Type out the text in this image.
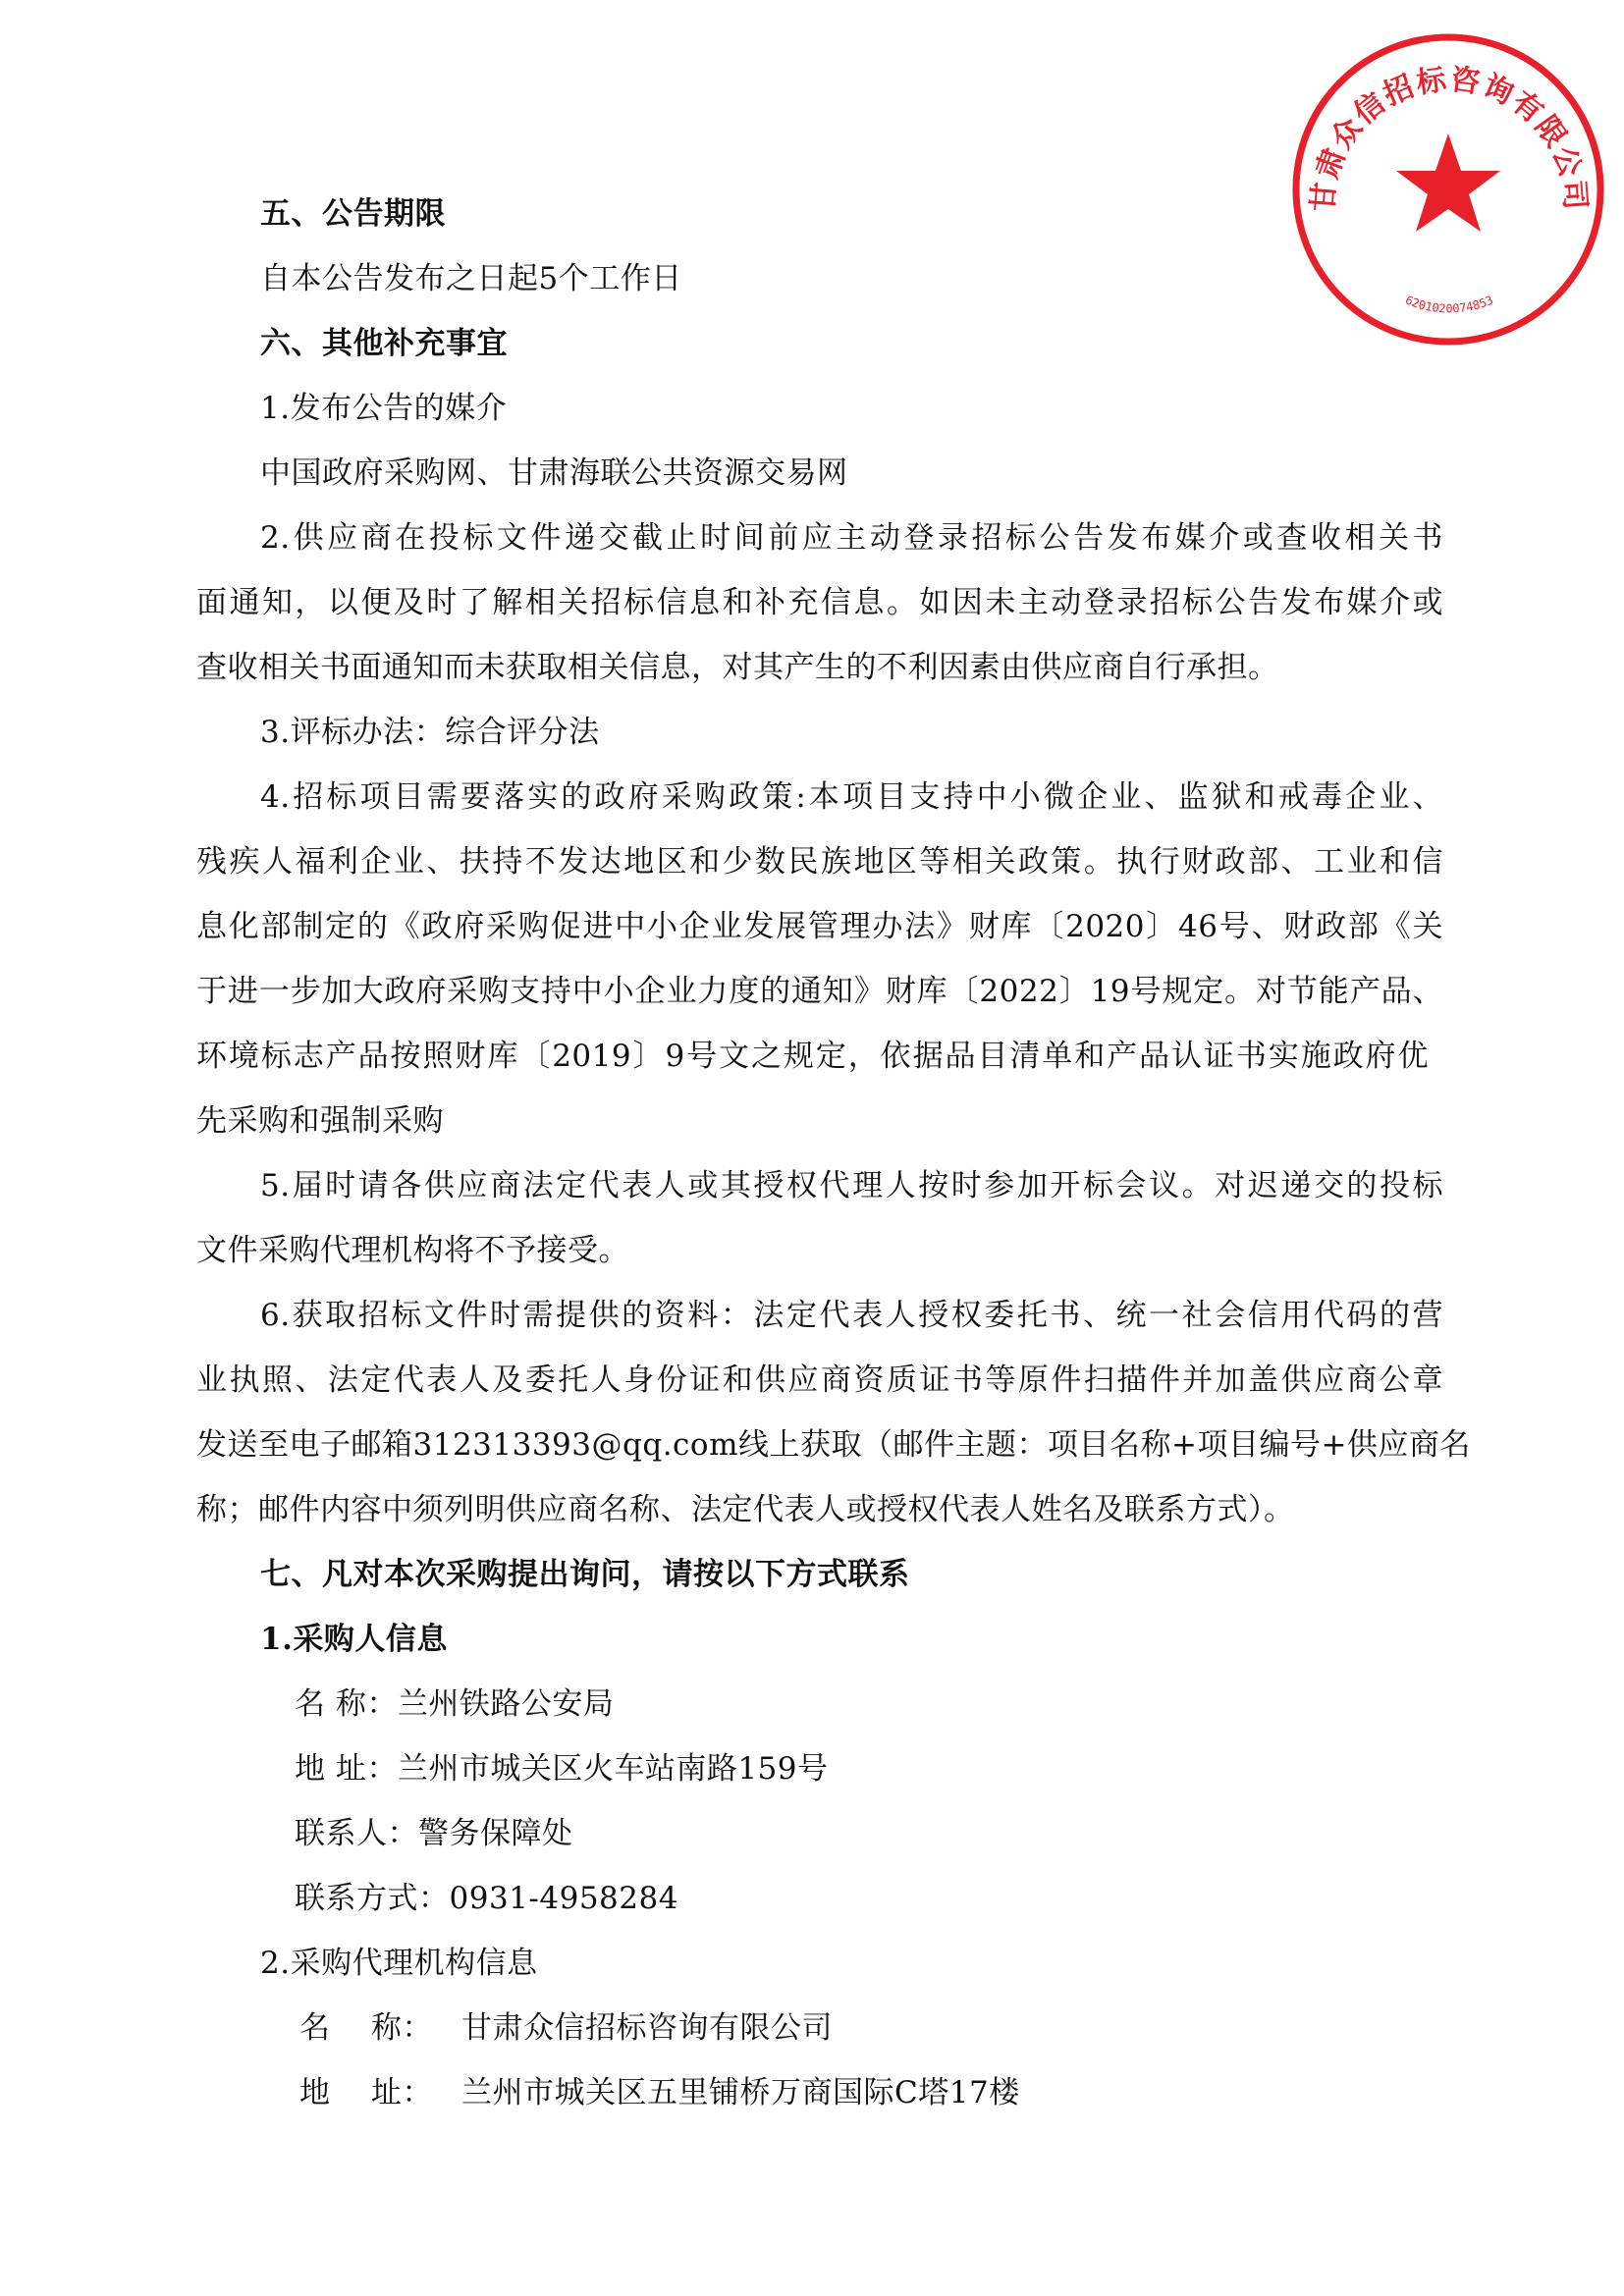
甘肃众信招标咨询有限公司
6201020074853
五、公告期限
自本公告发布之日起5个工作日
六、其他补充事宜
1.发布公告的媒介
中国政府采购网、甘肃海联公共资源交易网
2.供应商在投标文件递交截止时间前应主动登录招标公告发布媒介或查收相关书
面通知，以便及时了解相关招标信息和补充信息。如因未主动登录招标公告发布媒介或
查收相关书面通知而未获取相关信息，对其产生的不利因素由供应商自行承担。
3.评标办法：综合评分法
4.招标项目需要落实的政府采购政策:本项目支持中小微企业、监狱和戒毒企业、
残疾人福利企业、扶持不发达地区和少数民族地区等相关政策。执行财政部、工业和信
息化部制定的《政府采购促进中小企业发展管理办法》财库〔2020〕46号、财政部《关
于进一步加大政府采购支持中小企业力度的通知》财库〔2022〕19号规定。对节能产品、
环境标志产品按照财库〔2019〕9号文之规定，依据品目清单和产品认证书实施政府优
先采购和强制采购
5.届时请各供应商法定代表人或其授权代理人按时参加开标会议。对迟递交的投标
文件采购代理机构将不予接受。
6.获取招标文件时需提供的资料：法定代表人授权委托书、统一社会信用代码的营
业执照、法定代表人及委托人身份证和供应商资质证书等原件扫描件并加盖供应商公章
发送至电子邮箱312313393@qq.com线上获取（邮件主题：项目名称+项目编号+供应商名
称；邮件内容中须列明供应商名称、法定代表人或授权代表人姓名及联系方式）。
七、凡对本次采购提出询问，请按以下方式联系
1.采购人信息
名 称：兰州铁路公安局
地 址：兰州市城关区火车站南路159号
联系人：警务保障处
联系方式：0931-4958284
2.采购代理机构信息
名    称： 甘肃众信招标咨询有限公司
地    址： 兰州市城关区五里铺桥万商国际C塔17楼
